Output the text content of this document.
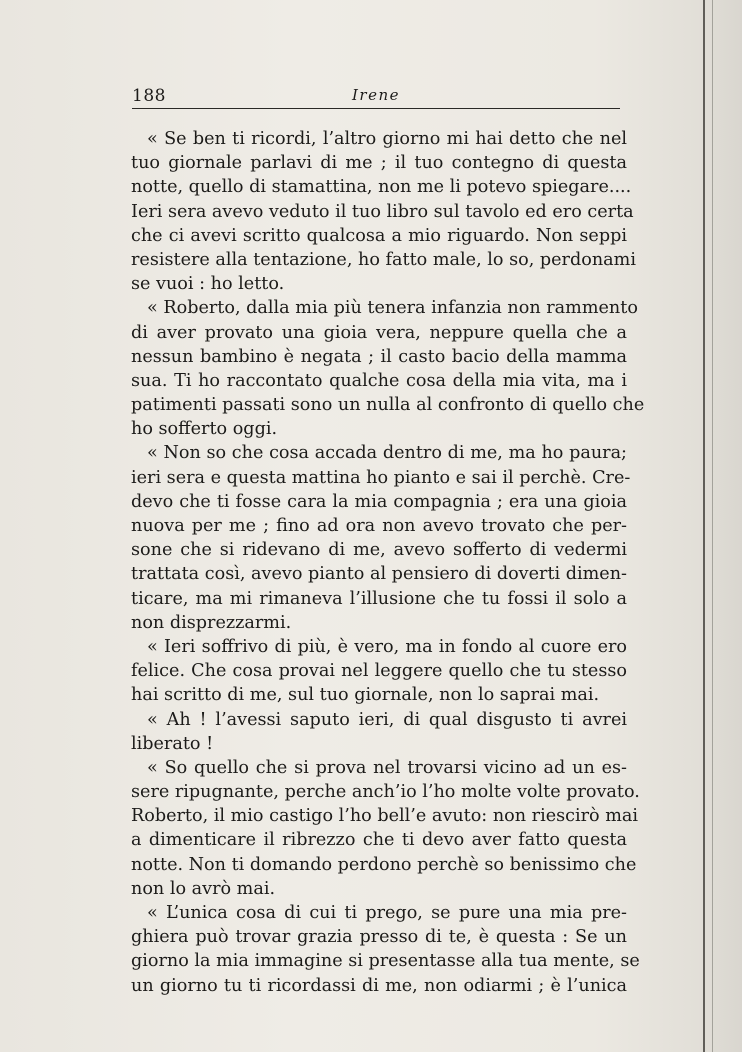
188	Irene
« Se ben ti ricordi, l’altro giorno mi hai detto che nel
tuo giornale parlavi di me ; il tuo contegno di questa
notte, quello di stamattina, non me li potevo spiegare....
Ieri sera avevo veduto il tuo libro sul tavolo ed ero certa
che ci avevi scritto qualcosa a mio riguardo. Non seppi
resistere alla tentazione, ho fatto male, lo so, perdonami
se vuoi : ho letto.
« Roberto, dalla mia più tenera infanzia non rammento
di aver provato una gioia vera, neppure quella che a
nessun bambino è negata ; il casto bacio della mamma
sua. Ti ho raccontato qualche cosa della mia vita, ma i
patimenti passati sono un nulla al confronto di quello che
ho sofferto oggi.
« Non so che cosa accada dentro di me, ma ho paura;
ieri sera e questa mattina ho pianto e sai il perchè. Cre-
devo che ti fosse cara la mia compagnia ; era una gioia
nuova per me ; fino ad ora non avevo trovato che per-
sone che si ridevano di me, avevo sofferto di vedermi
trattata così, avevo pianto al pensiero di doverti dimen-
ticare, ma mi rimaneva l’illusione che tu fossi il solo a
non disprezzarmi.
« Ieri soffrivo di più, è vero, ma in fondo al cuore ero
felice. Che cosa provai nel leggere quello che tu stesso
hai scritto di me, sul tuo giornale, non lo saprai mai.
« Ah ! l’avessi saputo ieri, di qual disgusto ti avrei
liberato !
« So quello che si prova nel trovarsi vicino ad un es-
sere ripugnante, perche anch’io l’ho molte volte provato.
Roberto, il mio castigo l’ho bell’e avuto: non riescirò mai
a dimenticare il ribrezzo che ti devo aver fatto questa
notte. Non ti domando perdono perchè so benissimo che
non lo avrò mai.
« L’unica cosa di cui ti prego, se pure una mia pre-
ghiera può trovar grazia presso di te, è questa : Se un
giorno la mia immagine si presentasse alla tua mente, se
un giorno tu ti ricordassi di me, non odiarmi ; è l’unica
